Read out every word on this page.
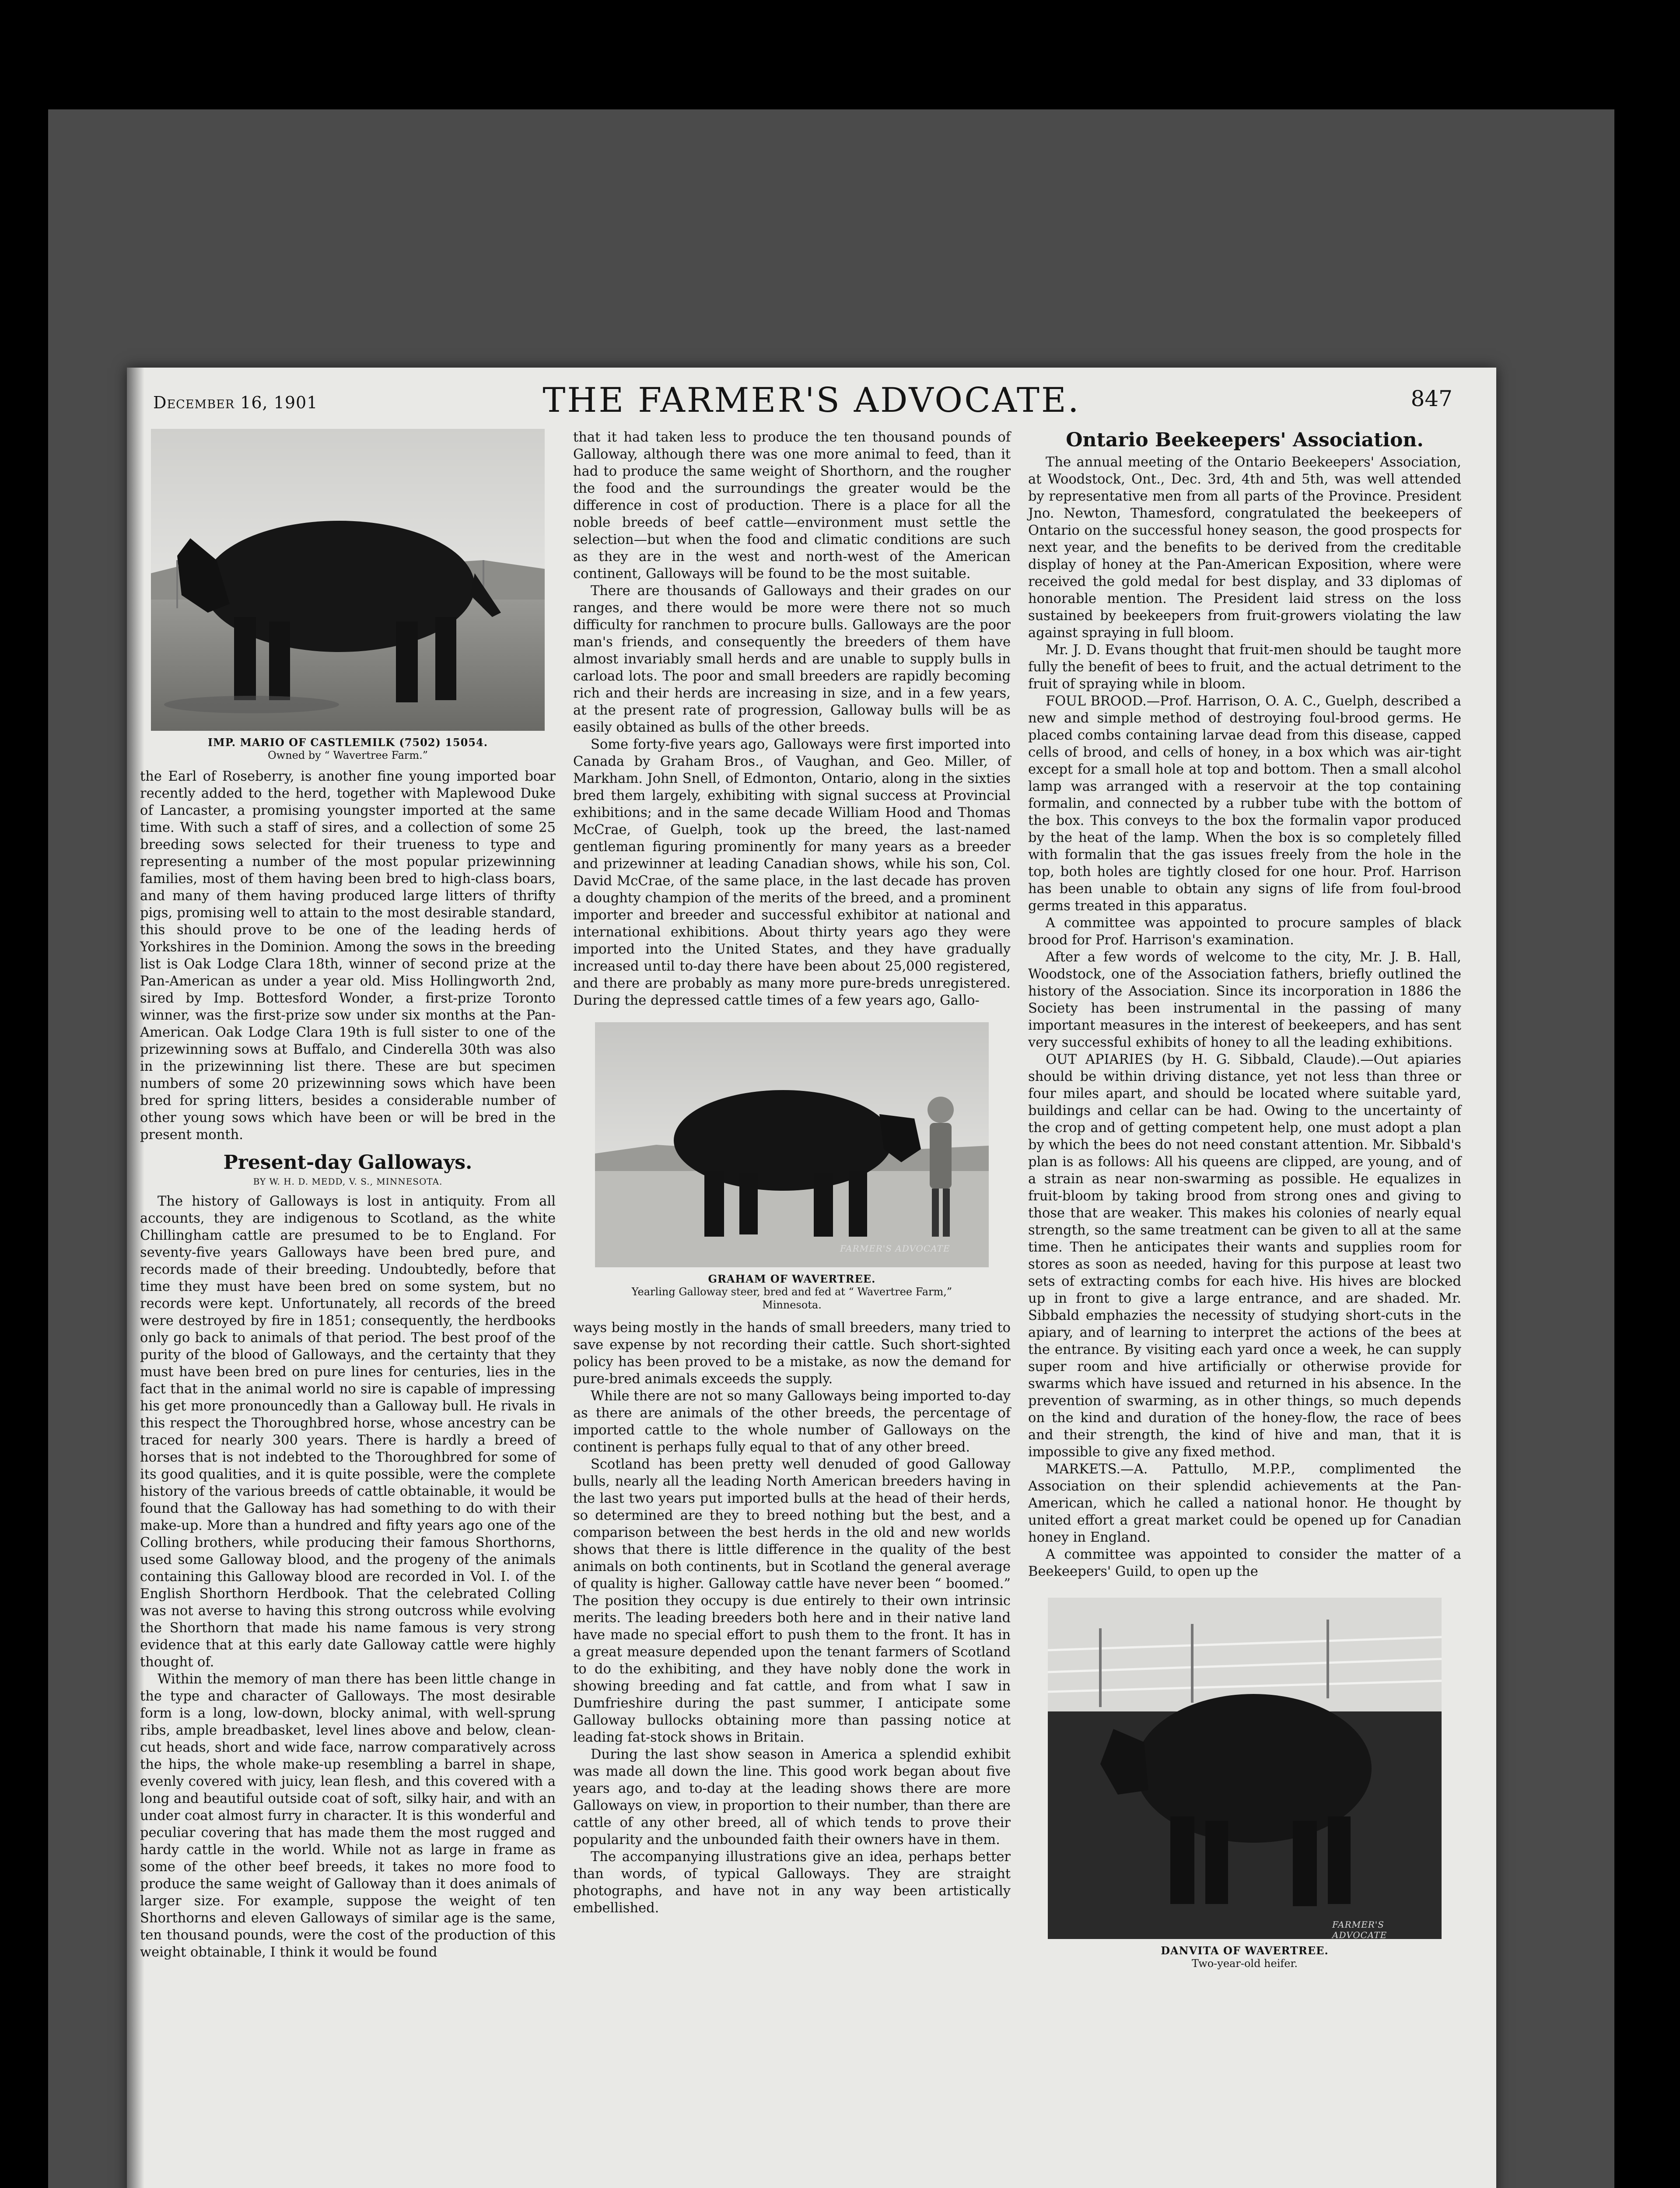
December 16, 1901	THE FARMER'S ADVOCATE.	847
IMP. MARIO OF CASTLEMILK (7502) 15054.
Owned by “ Wavertree Farm.”

the Earl of Roseberry, is another fine young imported boar recently added to the herd, together with Maplewood Duke of Lancaster, a promising youngster imported at the same time. With such a staff of sires, and a collection of some 25 breeding sows selected for their trueness to type and representing a number of the most popular prizewinning families, most of them having been bred to high-class boars, and many of them having produced large litters of thrifty pigs, promising well to attain to the most desirable standard, this should prove to be one of the leading herds of Yorkshires in the Dominion. Among the sows in the breeding list is Oak Lodge Clara 18th, winner of second prize at the Pan-American as under a year old. Miss Hollingworth 2nd, sired by Imp. Bottesford Wonder, a first-prize Toronto winner, was the first-prize sow under six months at the Pan-American. Oak Lodge Clara 19th is full sister to one of the prizewinning sows at Buffalo, and Cinderella 30th was also in the prizewinning list there. These are but specimen numbers of some 20 prizewinning sows which have been bred for spring litters, besides a considerable number of other young sows which have been or will be bred in the present month.

Present-day Galloways.
BY W. H. D. MEDD, V. S., MINNESOTA.

The history of Galloways is lost in antiquity. From all accounts, they are indigenous to Scotland, as the white Chillingham cattle are presumed to be to England. For seventy-five years Galloways have been bred pure, and records made of their breeding. Undoubtedly, before that time they must have been bred on some system, but no records were kept. Unfortunately, all records of the breed were destroyed by fire in 1851; consequently, the herdbooks only go back to animals of that period. The best proof of the purity of the blood of Galloways, and the certainty that they must have been bred on pure lines for centuries, lies in the fact that in the animal world no sire is capable of impressing his get more pronouncedly than a Galloway bull. He rivals in this respect the Thoroughbred horse, whose ancestry can be traced for nearly 300 years. There is hardly a breed of horses that is not indebted to the Thoroughbred for some of its good qualities, and it is quite possible, were the complete history of the various breeds of cattle obtainable, it would be found that the Galloway has had something to do with their make-up. More than a hundred and fifty years ago one of the Colling brothers, while producing their famous Shorthorns, used some Galloway blood, and the progeny of the animals containing this Galloway blood are recorded in Vol. I. of the English Shorthorn Herdbook. That the celebrated Colling was not averse to having this strong outcross while evolving the Shorthorn that made his name famous is very strong evidence that at this early date Galloway cattle were highly thought of.

Within the memory of man there has been little change in the type and character of Galloways. The most desirable form is a long, low-down, blocky animal, with well-sprung ribs, ample breadbasket, level lines above and below, clean-cut heads, short and wide face, narrow comparatively across the hips, the whole make-up resembling a barrel in shape, evenly covered with juicy, lean flesh, and this covered with a long and beautiful outside coat of soft, silky hair, and with an under coat almost furry in character. It is this wonderful and peculiar covering that has made them the most rugged and hardy cattle in the world. While not as large in frame as some of the other beef breeds, it takes no more food to produce the same weight of Galloway than it does animals of larger size. For example, suppose the weight of ten Shorthorns and eleven Galloways of similar age is the same, ten thousand pounds, were the cost of the production of this weight obtainable, I think it would be found

that it had taken less to produce the ten thousand pounds of Galloway, although there was one more animal to feed, than it had to produce the same weight of Shorthorn, and the rougher the food and the surroundings the greater would be the difference in cost of production. There is a place for all the noble breeds of beef cattle—environment must settle the selection—but when the food and climatic conditions are such as they are in the west and north-west of the American continent, Galloways will be found to be the most suitable.

There are thousands of Galloways and their grades on our ranges, and there would be more were there not so much difficulty for ranchmen to procure bulls. Galloways are the poor man's friends, and consequently the breeders of them have almost invariably small herds and are unable to supply bulls in carload lots. The poor and small breeders are rapidly becoming rich and their herds are increasing in size, and in a few years, at the present rate of progression, Galloway bulls will be as easily obtained as bulls of the other breeds.

Some forty-five years ago, Galloways were first imported into Canada by Graham Bros., of Vaughan, and Geo. Miller, of Markham. John Snell, of Edmonton, Ontario, along in the sixties bred them largely, exhibiting with signal success at Provincial exhibitions; and in the same decade William Hood and Thomas McCrae, of Guelph, took up the breed, the last-named gentleman figuring prominently for many years as a breeder and prizewinner at leading Canadian shows, while his son, Col. David McCrae, of the same place, in the last decade has proven a doughty champion of the merits of the breed, and a prominent importer and breeder and successful exhibitor at national and international exhibitions. About thirty years ago they were imported into the United States, and they have gradually increased until to-day there have been about 25,000 registered, and there are probably as many more pure-breds unregistered. During the depressed cattle times of a few years ago, Gallo-

FARMER'S ADVOCATE
GRAHAM OF WAVERTREE.
Yearling Galloway steer, bred and fed at “ Wavertree Farm,”
Minnesota.

ways being mostly in the hands of small breeders, many tried to save expense by not recording their cattle. Such short-sighted policy has been proved to be a mistake, as now the demand for pure-bred animals exceeds the supply.

While there are not so many Galloways being imported to-day as there are animals of the other breeds, the percentage of imported cattle to the whole number of Galloways on the continent is perhaps fully equal to that of any other breed.

Scotland has been pretty well denuded of good Galloway bulls, nearly all the leading North American breeders having in the last two years put imported bulls at the head of their herds, so determined are they to breed nothing but the best, and a comparison between the best herds in the old and new worlds shows that there is little difference in the quality of the best animals on both continents, but in Scotland the general average of quality is higher. Galloway cattle have never been “ boomed.” The position they occupy is due entirely to their own intrinsic merits. The leading breeders both here and in their native land have made no special effort to push them to the front. It has in a great measure depended upon the tenant farmers of Scotland to do the exhibiting, and they have nobly done the work in showing breeding and fat cattle, and from what I saw in Dumfrieshire during the past summer, I anticipate some Galloway bullocks obtaining more than passing notice at leading fat-stock shows in Britain.

During the last show season in America a splendid exhibit was made all down the line. This good work began about five years ago, and to-day at the leading shows there are more Galloways on view, in proportion to their number, than there are cattle of any other breed, all of which tends to prove their popularity and the unbounded faith their owners have in them.

The accompanying illustrations give an idea, perhaps better than words, of typical Galloways. They are straight photographs, and have not in any way been artistically embellished.

Ontario Beekeepers' Association.

The annual meeting of the Ontario Beekeepers' Association, at Woodstock, Ont., Dec. 3rd, 4th and 5th, was well attended by representative men from all parts of the Province. President Jno. Newton, Thamesford, congratulated the beekeepers of Ontario on the successful honey season, the good prospects for next year, and the benefits to be derived from the creditable display of honey at the Pan-American Exposition, where were received the gold medal for best display, and 33 diplomas of honorable mention. The President laid stress on the loss sustained by beekeepers from fruit-growers violating the law against spraying in full bloom.

Mr. J. D. Evans thought that fruit-men should be taught more fully the benefit of bees to fruit, and the actual detriment to the fruit of spraying while in bloom.

FOUL BROOD.—Prof. Harrison, O. A. C., Guelph, described a new and simple method of destroying foul-brood germs. He placed combs containing larvae dead from this disease, capped cells of brood, and cells of honey, in a box which was air-tight except for a small hole at top and bottom. Then a small alcohol lamp was arranged with a reservoir at the top containing formalin, and connected by a rubber tube with the bottom of the box. This conveys to the box the formalin vapor produced by the heat of the lamp. When the box is so completely filled with formalin that the gas issues freely from the hole in the top, both holes are tightly closed for one hour. Prof. Harrison has been unable to obtain any signs of life from foul-brood germs treated in this apparatus.

A committee was appointed to procure samples of black brood for Prof. Harrison's examination.

After a few words of welcome to the city, Mr. J. B. Hall, Woodstock, one of the Association fathers, briefly outlined the history of the Association. Since its incorporation in 1886 the Society has been instrumental in the passing of many important measures in the interest of beekeepers, and has sent very successful exhibits of honey to all the leading exhibitions.

OUT APIARIES (by H. G. Sibbald, Claude).—Out apiaries should be within driving distance, yet not less than three or four miles apart, and should be located where suitable yard, buildings and cellar can be had. Owing to the uncertainty of the crop and of getting competent help, one must adopt a plan by which the bees do not need constant attention. Mr. Sibbald's plan is as follows: All his queens are clipped, are young, and of a strain as near non-swarming as possible. He equalizes in fruit-bloom by taking brood from strong ones and giving to those that are weaker. This makes his colonies of nearly equal strength, so the same treatment can be given to all at the same time. Then he anticipates their wants and supplies room for stores as soon as needed, having for this purpose at least two sets of extracting combs for each hive. His hives are blocked up in front to give a large entrance, and are shaded. Mr. Sibbald emphazies the necessity of studying short-cuts in the apiary, and of learning to interpret the actions of the bees at the entrance. By visiting each yard once a week, he can supply super room and hive artificially or otherwise provide for swarms which have issued and returned in his absence. In the prevention of swarming, as in other things, so much depends on the kind and duration of the honey-flow, the race of bees and their strength, the kind of hive and man, that it is impossible to give any fixed method.

MARKETS.—A. Pattullo, M.P.P., complimented the Association on their splendid achievements at the Pan-American, which he called a national honor. He thought by united effort a great market could be opened up for Canadian honey in England.

A committee was appointed to consider the matter of a Beekeepers' Guild, to open up the

FARMER'S ADVOCATE
DANVITA OF WAVERTREE.
Two-year-old heifer.
